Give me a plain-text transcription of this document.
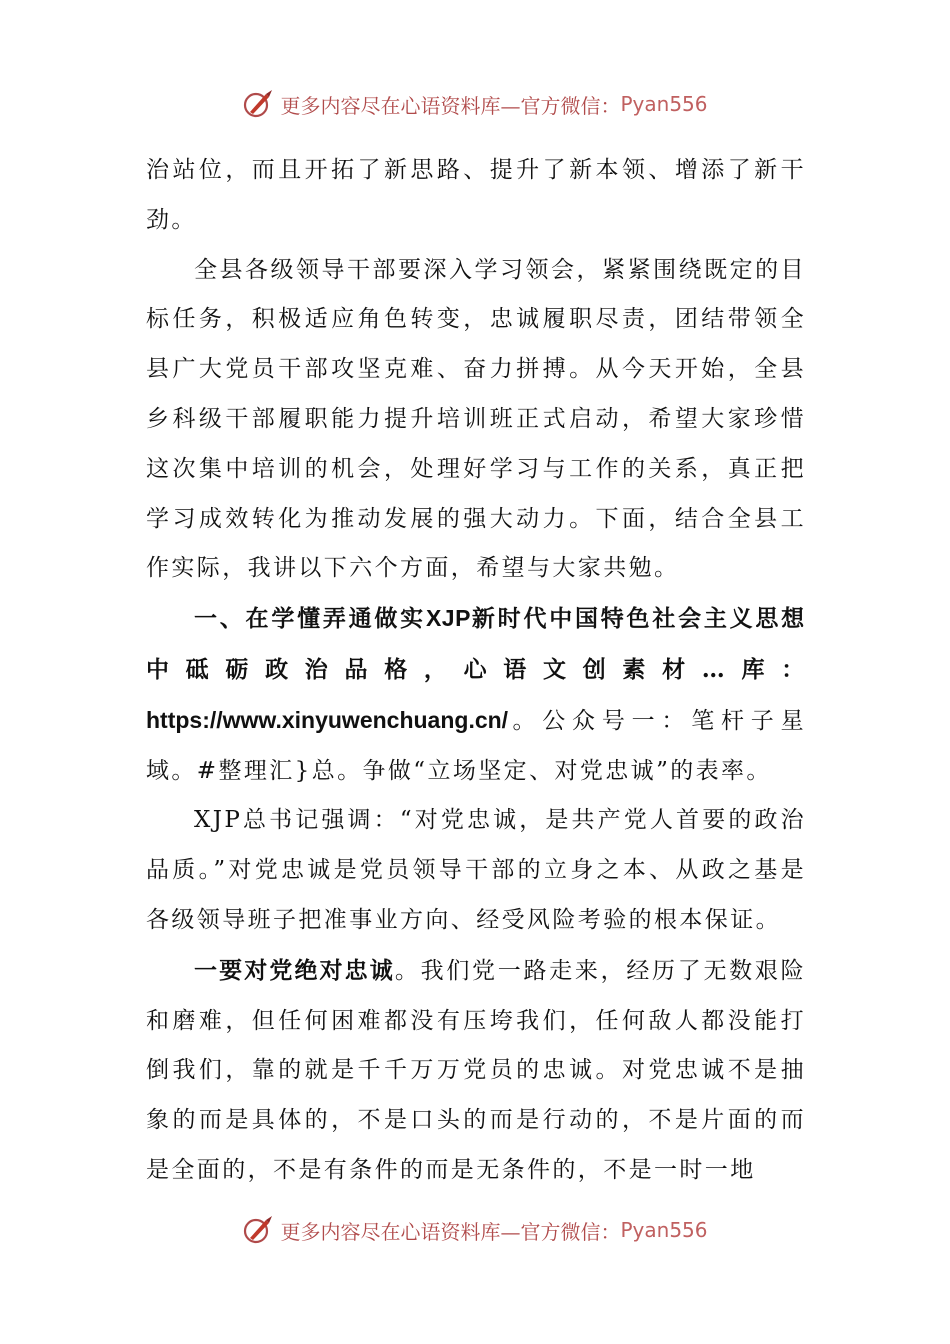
更多内容尽在心语资料库—官方微信： Pyan556

治站位，而且开拓了新思路、提升了新本领、增添了新干劲。

全县各级领导干部要深入学习领会，紧紧围绕既定的目标任务，积极适应角色转变，忠诚履职尽责，团结带领全县广大党员干部攻坚克难、奋力拼搏。从今天开始，全县乡科级干部履职能力提升培训班正式启动，希望大家珍惜这次集中培训的机会，处理好学习与工作的关系，真正把学习成效转化为推动发展的强大动力。下面，结合全县工作实际，我讲以下六个方面，希望与大家共勉。

一、在学懂弄通做实XJP新时代中国特色社会主义思想中砥砺政治品格，心语文创素材…库：https://www.xinyuwenchuang.cn/。公众号一：笔杆子星域。#整理汇}总。争做“立场坚定、对党忠诚”的表率。

XJP总书记强调：“对党忠诚，是共产党人首要的政治品质。”对党忠诚是党员领导干部的立身之本、从政之基是各级领导班子把准事业方向、经受风险考验的根本保证。

一要对党绝对忠诚。我们党一路走来，经历了无数艰险和磨难，但任何困难都没有压垮我们，任何敌人都没能打倒我们，靠的就是千千万万党员的忠诚。对党忠诚不是抽象的而是具体的，不是口头的而是行动的，不是片面的而是全面的，不是有条件的而是无条件的，不是一时一地

更多内容尽在心语资料库—官方微信： Pyan556
